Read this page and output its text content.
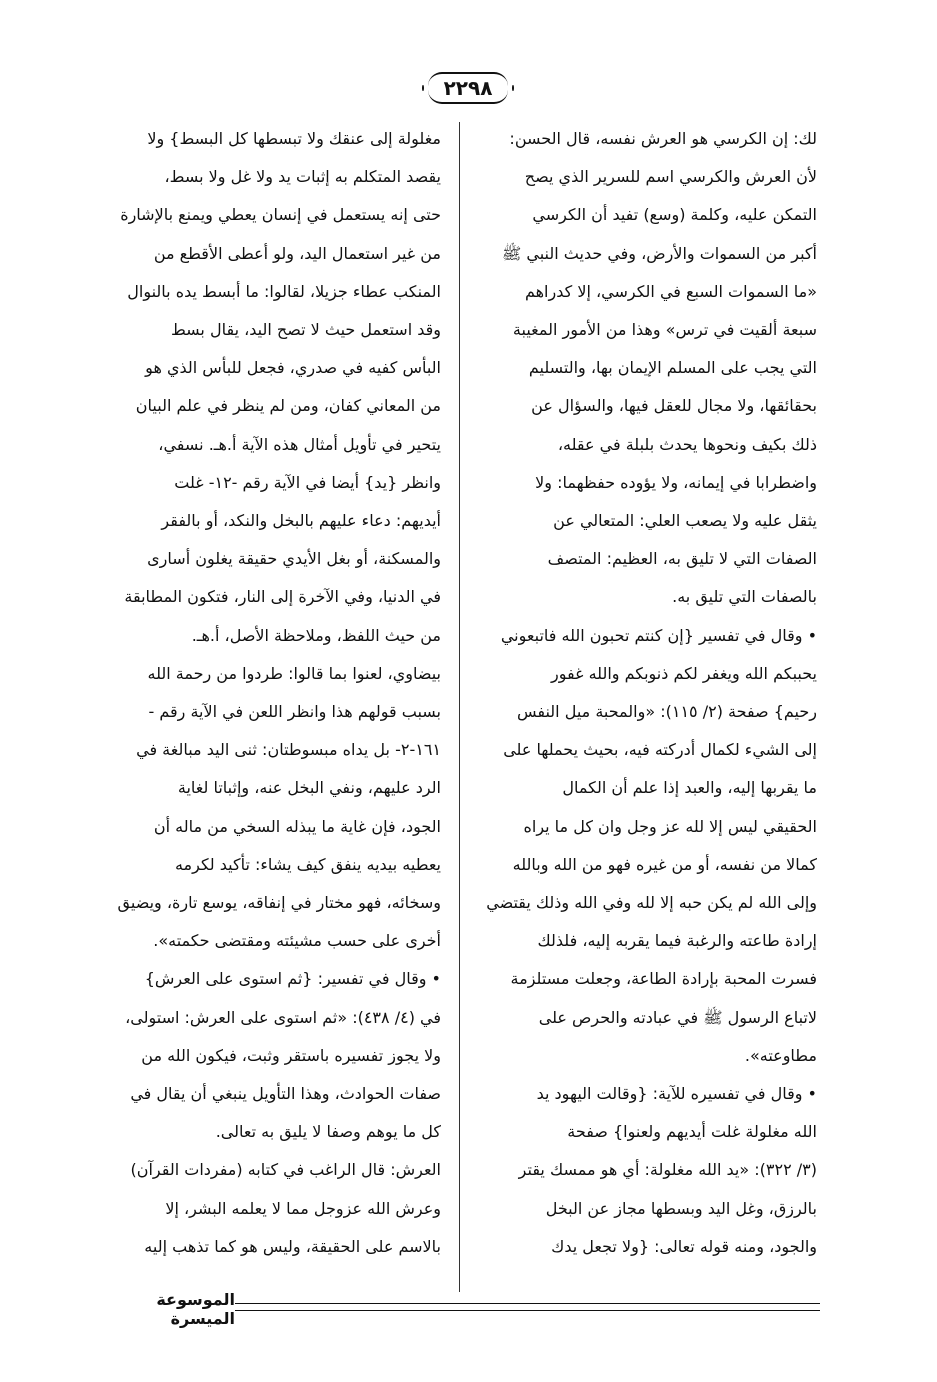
٢٢٩٨
لك: إن الكرسي هو العرش نفسه، قال الحسن:
لأن العرش والكرسي اسم للسرير الذي يصح
التمكن عليه، وكلمة (وسع) تفيد أن الكرسي
أكبر من السموات والأرض، وفي حديث النبي ﷺ
«ما السموات السبع في الكرسي، إلا كدراهم
سبعة ألقيت في ترس» وهذا من الأمور المغيبة
التي يجب على المسلم الإيمان بها، والتسليم
بحقائقها، ولا مجال للعقل فيها، والسؤال عن
ذلك بكيف ونحوها يحدث بلبلة في عقله،
واضطرابا في إيمانه، ولا يؤوده حفظهما: ولا
يثقل عليه ولا يصعب العلي: المتعالي عن
الصفات التي لا تليق به، العظيم: المتصف
بالصفات التي تليق به.
• وقال في تفسير {إن كنتم تحبون الله فاتبعوني
يحببكم الله ويغفر لكم ذنوبكم والله غفور
رحيم} صفحة (٢/ ١١٥): «والمحبة ميل النفس
إلى الشيء لكمال أدركته فيه، بحيث يحملها على
ما يقربها إليه، والعبد إذا علم أن الكمال
الحقيقي ليس إلا لله عز وجل وان كل ما يراه
كمالا من نفسه، أو من غيره فهو من الله وبالله
وإلى الله لم يكن حبه إلا لله وفي الله وذلك يقتضي
إرادة طاعته والرغبة فيما يقربه إليه، فلذلك
فسرت المحبة بإرادة الطاعة، وجعلت مستلزمة
لاتباع الرسول ﷺ في عبادته والحرص على
مطاوعته».
• وقال في تفسيره للآية: {وقالت اليهود يد
الله مغلولة غلت أيديهم ولعنوا} صفحة
(٣/ ٣٢٢): «يد الله مغلولة: أي هو ممسك يقتر
بالرزق، وغل اليد وبسطها مجاز عن البخل
والجود، ومنه قوله تعالى: {ولا تجعل يدك
مغلولة إلى عنقك ولا تبسطها كل البسط} ولا
يقصد المتكلم به إثبات يد ولا غل ولا بسط،
حتى إنه يستعمل في إنسان يعطي ويمنع بالإشارة
من غير استعمال اليد، ولو أعطى الأقطع من
المنكب عطاء جزيلا، لقالوا: ما أبسط يده بالنوال
وقد استعمل حيث لا تصح اليد، يقال بسط
البأس كفيه في صدري، فجعل للبأس الذي هو
من المعاني كفان، ومن لم ينظر في علم البيان
يتحير في تأويل أمثال هذه الآية أ.هـ. نسفي،
وانظر {يد} أيضا في الآية رقم -١٢- غلت
أيديهم: دعاء عليهم بالبخل والنكد، أو بالفقر
والمسكنة، أو بغل الأيدي حقيقة يغلون أسارى
في الدنيا، وفي الآخرة إلى النار، فتكون المطابقة
من حيث اللفظ، وملاحظة الأصل، أ.هـ.
بيضاوي، لعنوا بما قالوا: طردوا من رحمة الله
بسبب قولهم هذا وانظر اللعن في الآية رقم -
١٦١-٢- بل يداه مبسوطتان: ثنى اليد مبالغة في
الرد عليهم، ونفي البخل عنه، وإثباتا لغاية
الجود، فإن غاية ما يبذله السخي من ماله أن
يعطيه بيديه ينفق كيف يشاء: تأكيد لكرمه
وسخائه، فهو مختار في إنفاقه، يوسع تارة، ويضيق
أخرى على حسب مشيئته ومقتضى حكمته».
• وقال في تفسير: {ثم استوى على العرش}
في (٤/ ٤٣٨): «ثم استوى على العرش: استولى،
ولا يجوز تفسيره باستقر وثبت، فيكون الله من
صفات الحوادث، وهذا التأويل ينبغي أن يقال في
كل ما يوهم وصفا لا يليق به تعالى.
العرش: قال الراغب في كتابه (مفردات القرآن)
وعرش الله عزوجل مما لا يعلمه البشر، إلا
بالاسم على الحقيقة، وليس هو كما تذهب إليه
الموسوعة الميسرة
